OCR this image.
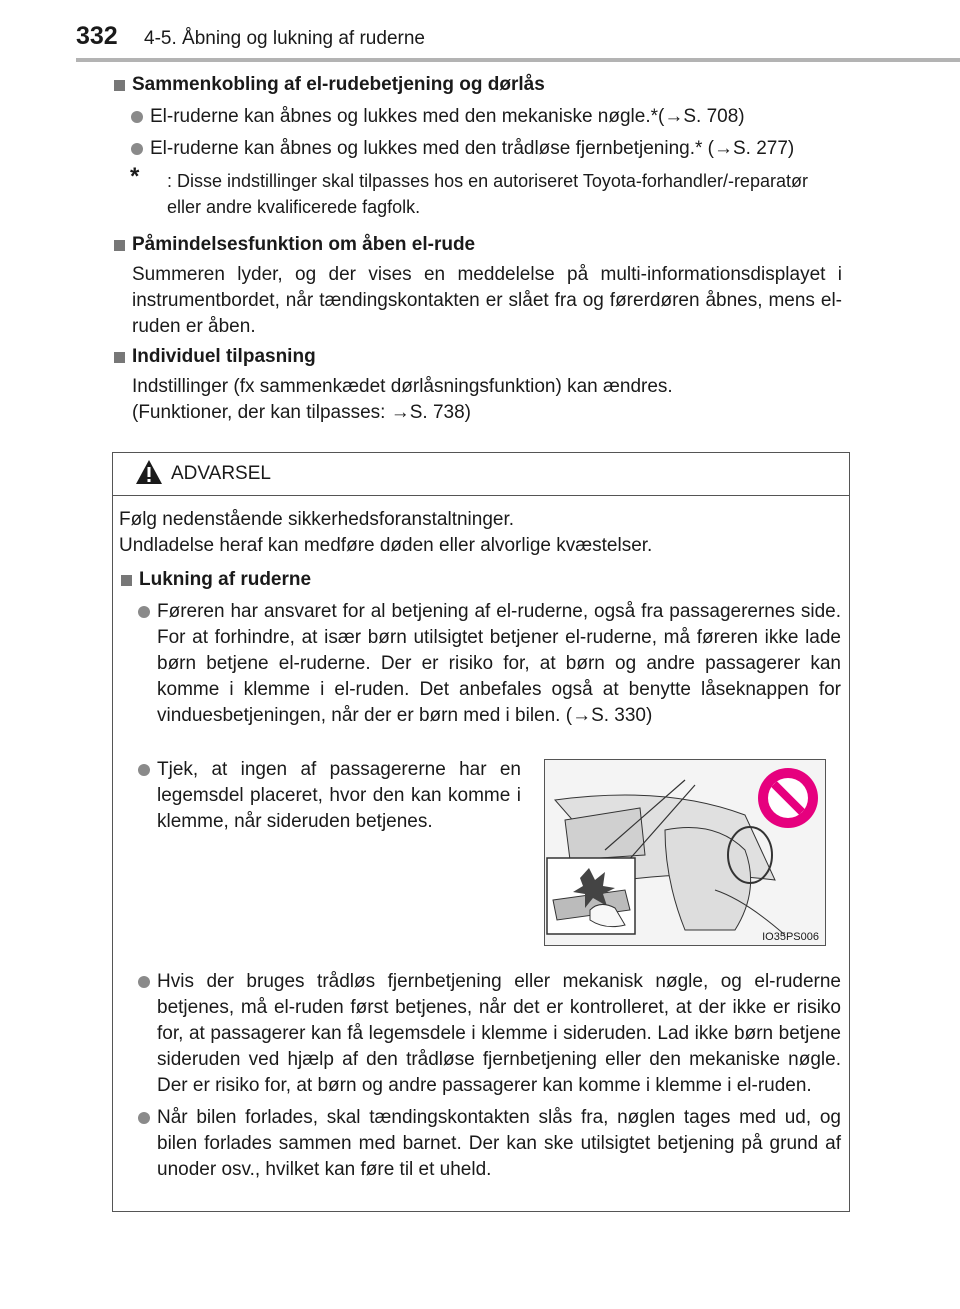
332 4-5. Åbning og lukning af ruderne

Sammenkobling af el-rudebetjening og dørlås

El-ruderne kan åbnes og lukkes med den mekaniske nøgle.*(→S. 708)

El-ruderne kan åbnes og lukkes med den trådløse fjernbetjening.* (→S. 277)

* : Disse indstillinger skal tilpasses hos en autoriseret Toyota-forhandler/-reparatør eller andre kvalificerede fagfolk.

Påmindelsesfunktion om åben el-rude

Summeren lyder, og der vises en meddelelse på multi-informationsdisplayet i instrumentbordet, når tændingskontakten er slået fra og førerdøren åbnes, mens el-ruden er åben.

Individuel tilpasning

Indstillinger (fx sammenkædet dørlåsningsfunktion) kan ændres.

(Funktioner, der kan tilpasses: →S. 738)

ADVARSEL

Følg nedenstående sikkerhedsforanstaltninger.

Undladelse heraf kan medføre døden eller alvorlige kvæstelser.

Lukning af ruderne

Føreren har ansvaret for al betjening af el-ruderne, også fra passagerernes side. For at forhindre, at især børn utilsigtet betjener el-ruderne, må føreren ikke lade børn betjene el-ruderne. Der er risiko for, at børn og andre passagerer kan komme i klemme i el-ruden. Det anbefales også at benytte låseknappen for vinduesbetjeningen, når der er børn med i bilen. (→S. 330)

Tjek, at ingen af passagererne har en legemsdel placeret, hvor den kan komme i klemme, når sideruden betjenes.

IO35PS006

Hvis der bruges trådløs fjernbetjening eller mekanisk nøgle, og el-ruderne betjenes, må el-ruden først betjenes, når det er kontrolleret, at der ikke er risiko for, at passagerer kan få legemsdele i klemme i sideruden. Lad ikke børn betjene sideruden ved hjælp af den trådløse fjernbetjening eller den mekaniske nøgle. Der er risiko for, at børn og andre passagerer kan komme i klemme i el-ruden.

Når bilen forlades, skal tændingskontakten slås fra, nøglen tages med ud, og bilen forlades sammen med barnet. Der kan ske utilsigtet betjening på grund af unoder osv., hvilket kan føre til et uheld.
